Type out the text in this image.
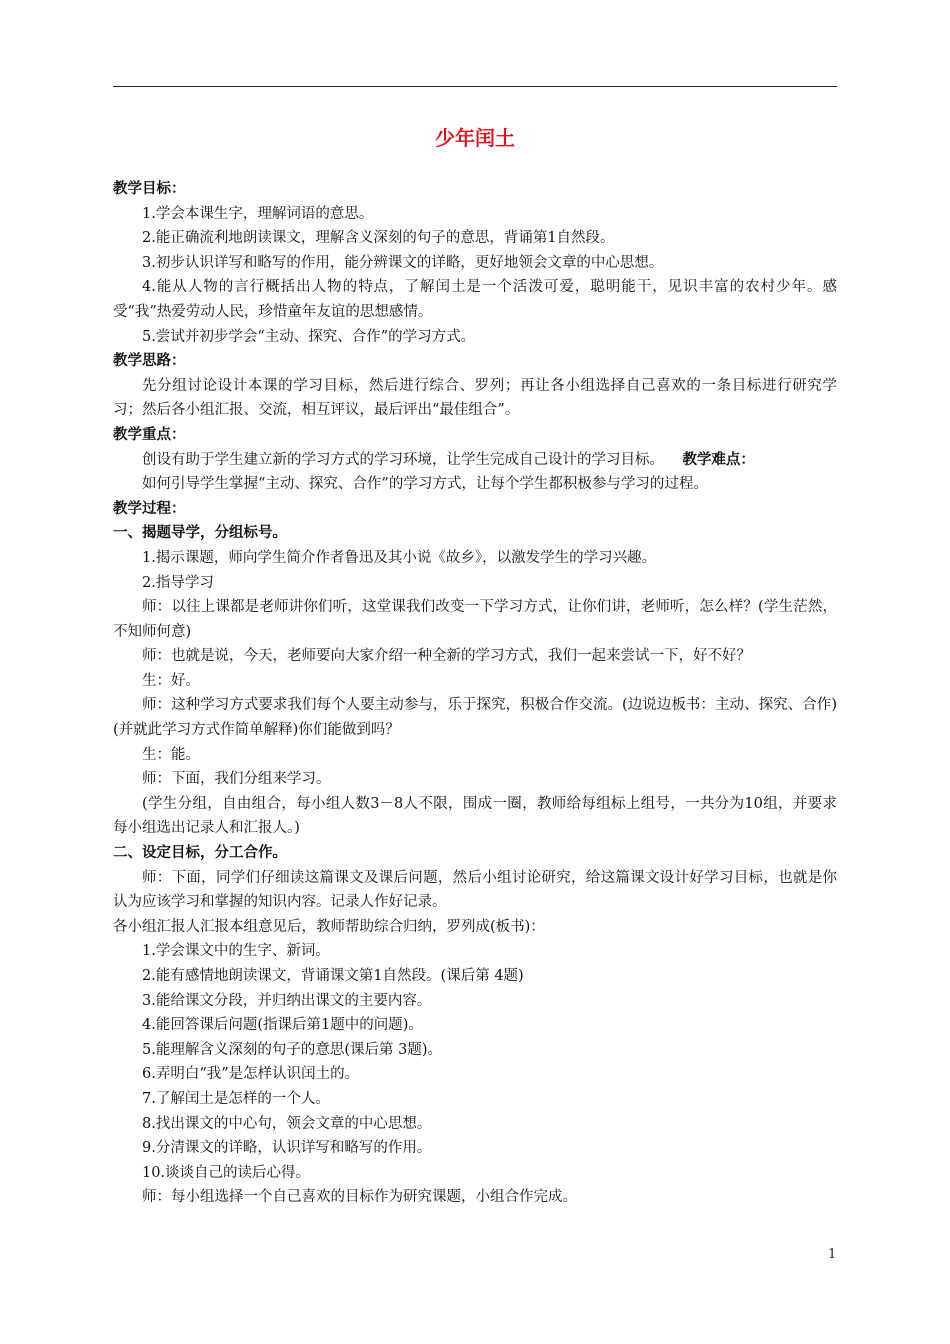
少年闰土

教学目标：

1.学会本课生字，理解词语的意思。

2.能正确流利地朗读课文，理解含义深刻的句子的意思，背诵第1自然段。

3.初步认识详写和略写的作用，能分辨课文的详略，更好地领会文章的中心思想。

4.能从人物的言行概括出人物的特点，了解闰土是一个活泼可爱，聪明能干，见识丰富的农村少年。感受“我”热爱劳动人民，珍惜童年友谊的思想感情。

5.尝试并初步学会“主动、探究、合作”的学习方式。

教学思路：

先分组讨论设计本课的学习目标，然后进行综合、罗列；再让各小组选择自己喜欢的一条目标进行研究学习；然后各小组汇报、交流，相互评议，最后评出“最佳组合”。

教学重点：

创设有助于学生建立新的学习方式的学习环境，让学生完成自己设计的学习目标。 教学难点：

如何引导学生掌握“主动、探究、合作”的学习方式，让每个学生都积极参与学习的过程。

教学过程：

一、揭题导学，分组标号。

1.揭示课题，师向学生简介作者鲁迅及其小说《故乡》，以激发学生的学习兴趣。

2.指导学习

师：以往上课都是老师讲你们听，这堂课我们改变一下学习方式，让你们讲，老师听，怎么样？(学生茫然，不知师何意)

师：也就是说，今天，老师要向大家介绍一种全新的学习方式，我们一起来尝试一下，好不好？

生：好。

师：这种学习方式要求我们每个人要主动参与，乐于探究，积极合作交流。(边说边板书：主动、探究、合作)(并就此学习方式作简单解释)你们能做到吗？

生：能。

师：下面，我们分组来学习。

(学生分组，自由组合，每小组人数3－8人不限，围成一圈，教师给每组标上组号，一共分为10组，并要求每小组选出记录人和汇报人。)

二、设定目标，分工合作。

师：下面，同学们仔细读这篇课文及课后问题，然后小组讨论研究，给这篇课文设计好学习目标，也就是你认为应该学习和掌握的知识内容。记录人作好记录。

各小组汇报人汇报本组意见后，教师帮助综合归纳，罗列成(板书)：

1.学会课文中的生字、新词。

2.能有感情地朗读课文，背诵课文第1自然段。(课后第 4题)

3.能给课文分段，并归纳出课文的主要内容。

4.能回答课后问题(指课后第1题中的问题)。

5.能理解含义深刻的句子的意思(课后第 3题)。

6.弄明白“我”是怎样认识闰土的。

7.了解闰土是怎样的一个人。

8.找出课文的中心句，领会文章的中心思想。

9.分清课文的详略，认识详写和略写的作用。

10.谈谈自己的读后心得。

师：每小组选择一个自己喜欢的目标作为研究课题，小组合作完成。

1
